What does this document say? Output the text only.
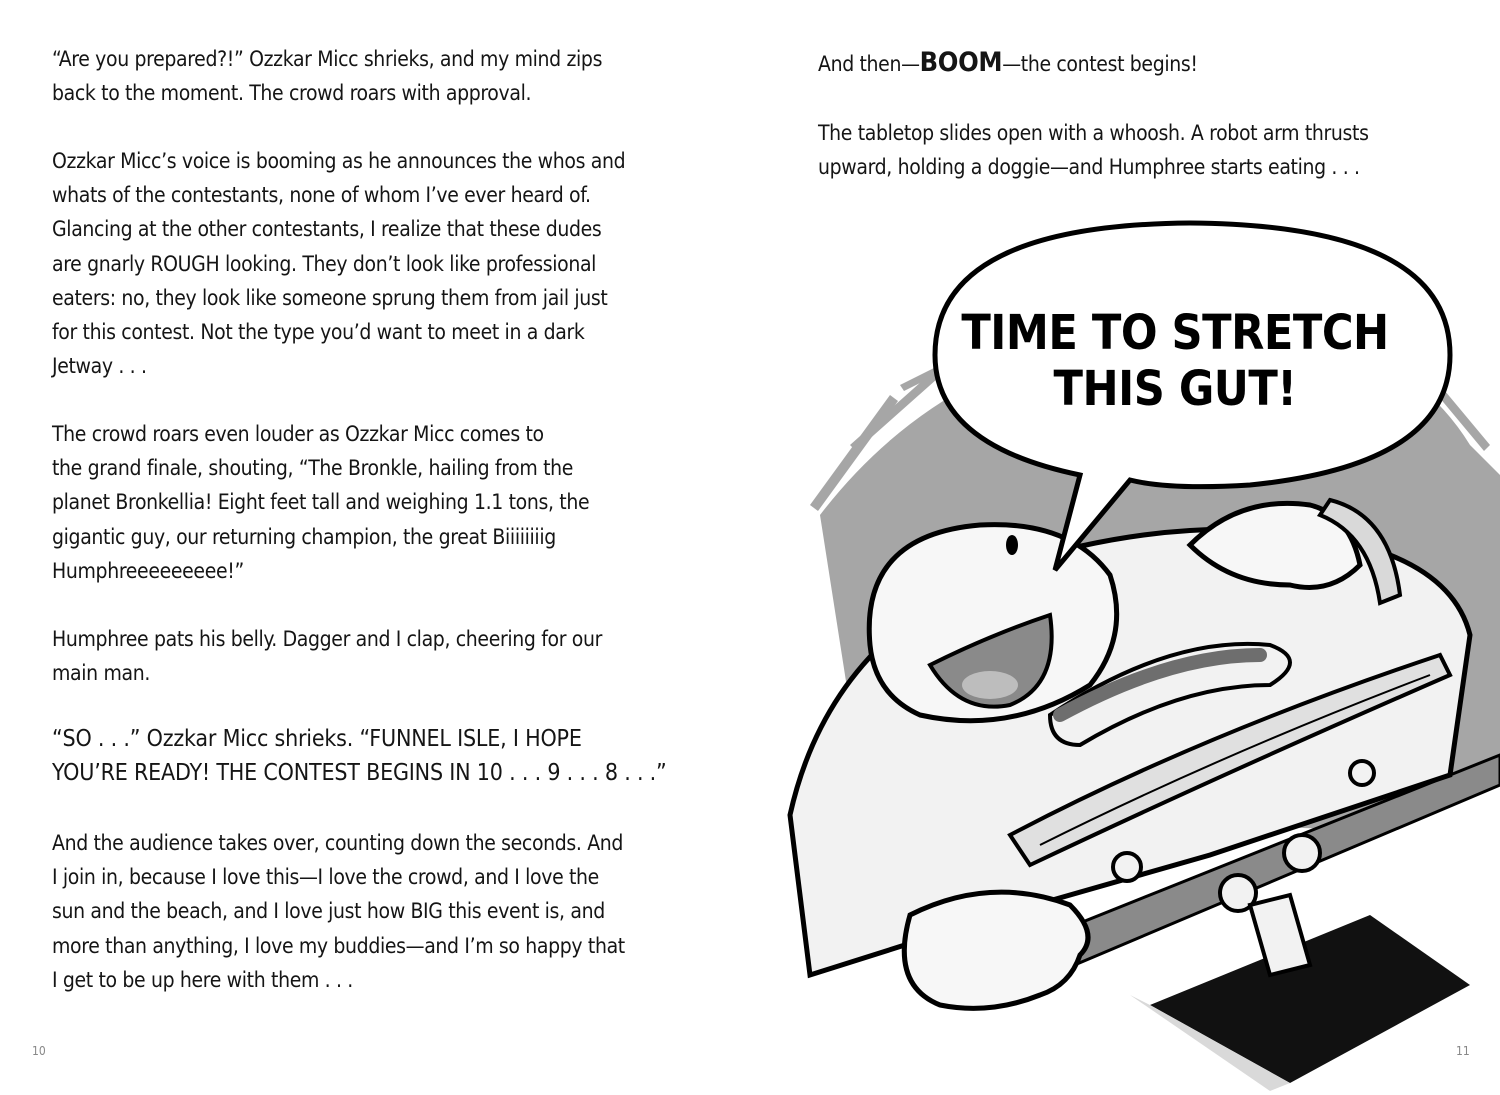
“Are you prepared?!” Ozzkar Micc shrieks, and my mind zips
back to the moment. The crowd roars with approval.
Ozzkar Micc’s voice is booming as he announces the whos and
whats of the contestants, none of whom I’ve ever heard of.
Glancing at the other contestants, I realize that these dudes
are gnarly ROUGH looking. They don’t look like professional
eaters: no, they look like someone sprung them from jail just
for this contest. Not the type you’d want to meet in a dark
Jetway . . .
The crowd roars even louder as Ozzkar Micc comes to
the grand finale, shouting, “The Bronkle, hailing from the
planet Bronkellia! Eight feet tall and weighing 1.1 tons, the
gigantic guy, our returning champion, the great Biiiiiiiig
Humphreeeeeeeee!”
Humphree pats his belly. Dagger and I clap, cheering for our
main man.
“SO . . .” Ozzkar Micc shrieks. “FUNNEL ISLE, I HOPE
YOU’RE READY! THE CONTEST BEGINS IN 10 . . . 9 . . . 8 . . .”
And the audience takes over, counting down the seconds. And
I join in, because I love this—I love the crowd, and I love the
sun and the beach, and I love just how BIG this event is, and
more than anything, I love my buddies—and I’m so happy that
I get to be up here with them . . .
10
And then—BOOM—the contest begins!
The tabletop slides open with a whoosh. A robot arm thrusts
upward, holding a doggie—and Humphree starts eating . . .
TIME TO STRETCH
THIS GUT!
11
